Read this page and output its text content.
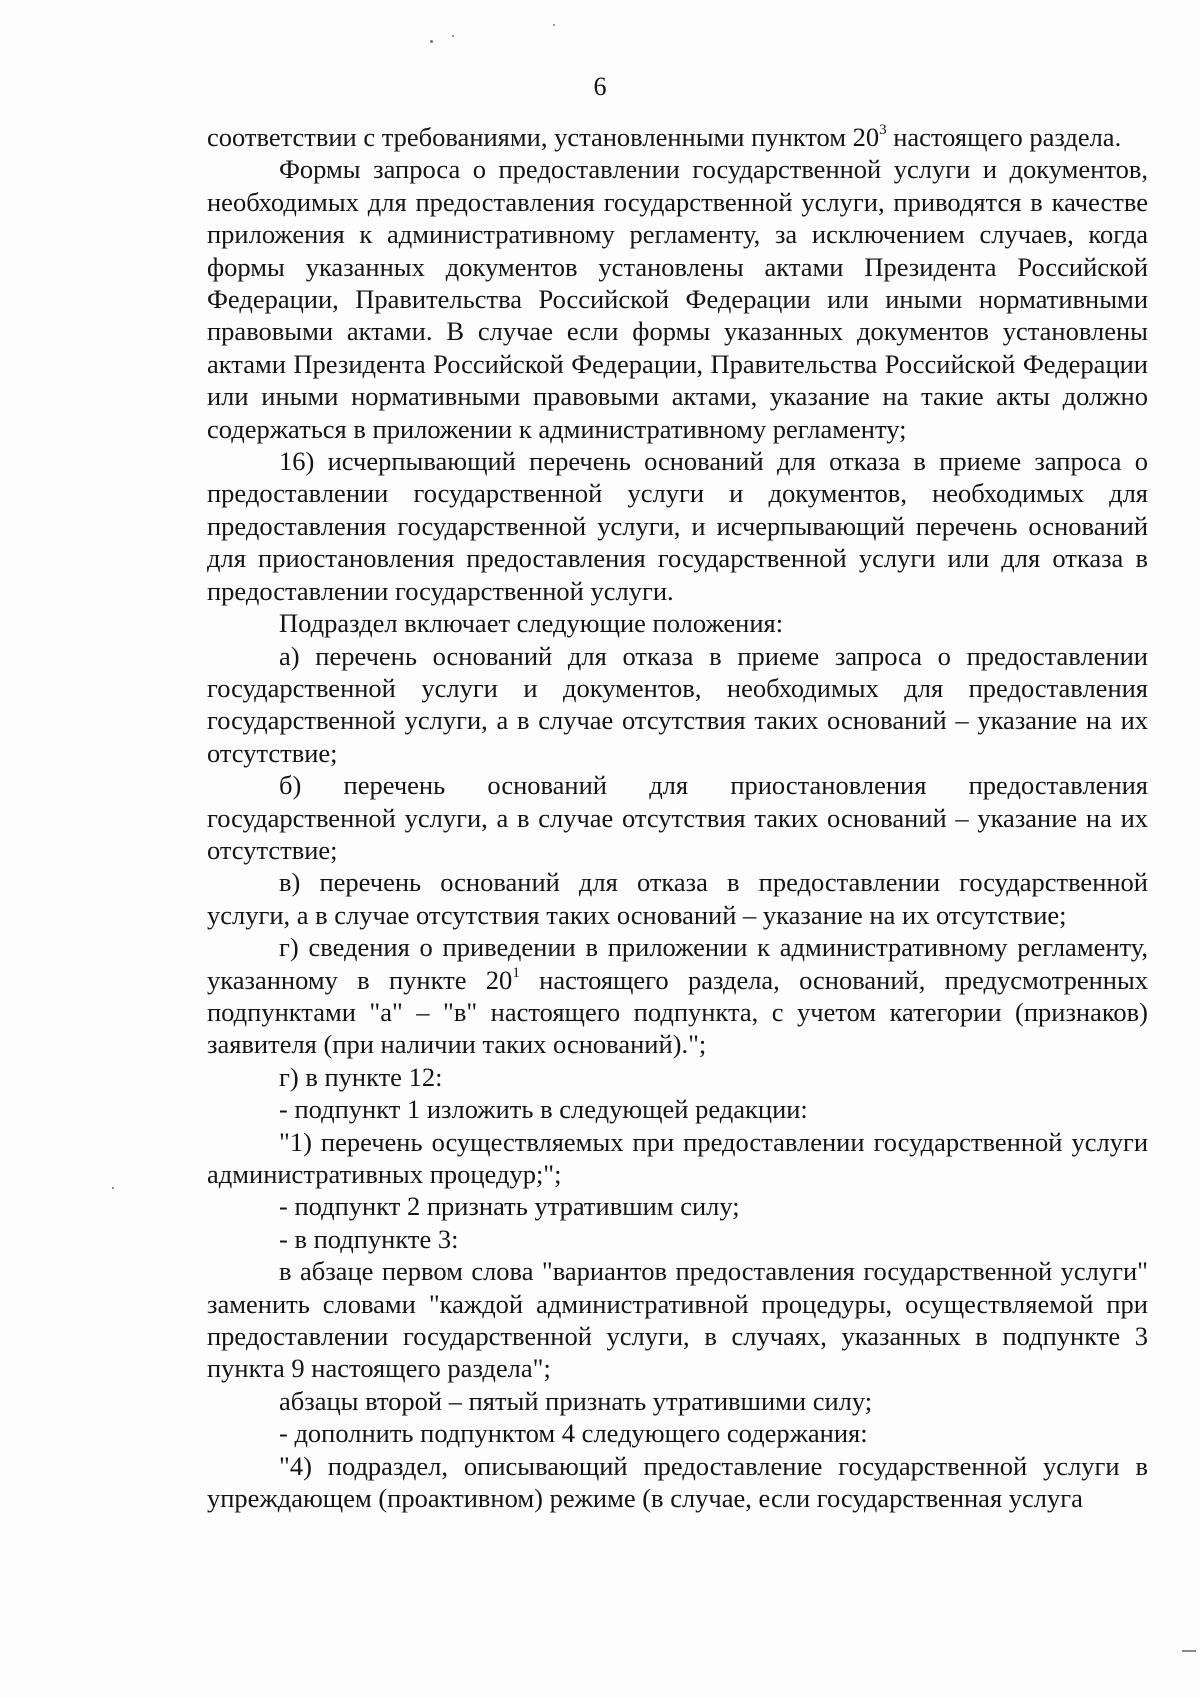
6

соответствии с требованиями, установленными пунктом $20^3$ настоящего раздела.

Формы запроса о предоставлении государственной услуги и документов, необходимых для предоставления государственной услуги, приводятся в качестве приложения к административному регламенту, за исключением случаев, когда формы указанных документов установлены актами Президента Российской Федерации, Правительства Российской Федерации или иными нормативными правовыми актами. В случае если формы указанных документов установлены актами Президента Российской Федерации, Правительства Российской Федерации или иными нормативными правовыми актами, указание на такие акты должно содержаться в приложении к административному регламенту;

16) исчерпывающий перечень оснований для отказа в приеме запроса о предоставлении государственной услуги и документов, необходимых для предоставления государственной услуги, и исчерпывающий перечень оснований для приостановления предоставления государственной услуги или для отказа в предоставлении государственной услуги.

Подраздел включает следующие положения:

а) перечень оснований для отказа в приеме запроса о предоставлении государственной услуги и документов, необходимых для предоставления государственной услуги, а в случае отсутствия таких оснований – указание на их отсутствие;

б) перечень оснований для приостановления предоставления государственной услуги, а в случае отсутствия таких оснований – указание на их отсутствие;

в) перечень оснований для отказа в предоставлении государственной услуги, а в случае отсутствия таких оснований – указание на их отсутствие;

г) сведения о приведении в приложении к административному регламенту, указанному в пункте $20^1$ настоящего раздела, оснований, предусмотренных подпунктами "а" – "в" настоящего подпункта, с учетом категории (признаков) заявителя (при наличии таких оснований).";

г) в пункте 12:

- подпункт 1 изложить в следующей редакции:

"1) перечень осуществляемых при предоставлении государственной услуги административных процедур;";

- подпункт 2 признать утратившим силу;

- в подпункте 3:

в абзаце первом слова "вариантов предоставления государственной услуги" заменить словами "каждой административной процедуры, осуществляемой при предоставлении государственной услуги, в случаях, указанных в подпункте 3 пункта 9 настоящего раздела";

абзацы второй – пятый признать утратившими силу;

- дополнить подпунктом 4 следующего содержания:

"4) подраздел, описывающий предоставление государственной услуги в упреждающем (проактивном) режиме (в случае, если государственная услуга
